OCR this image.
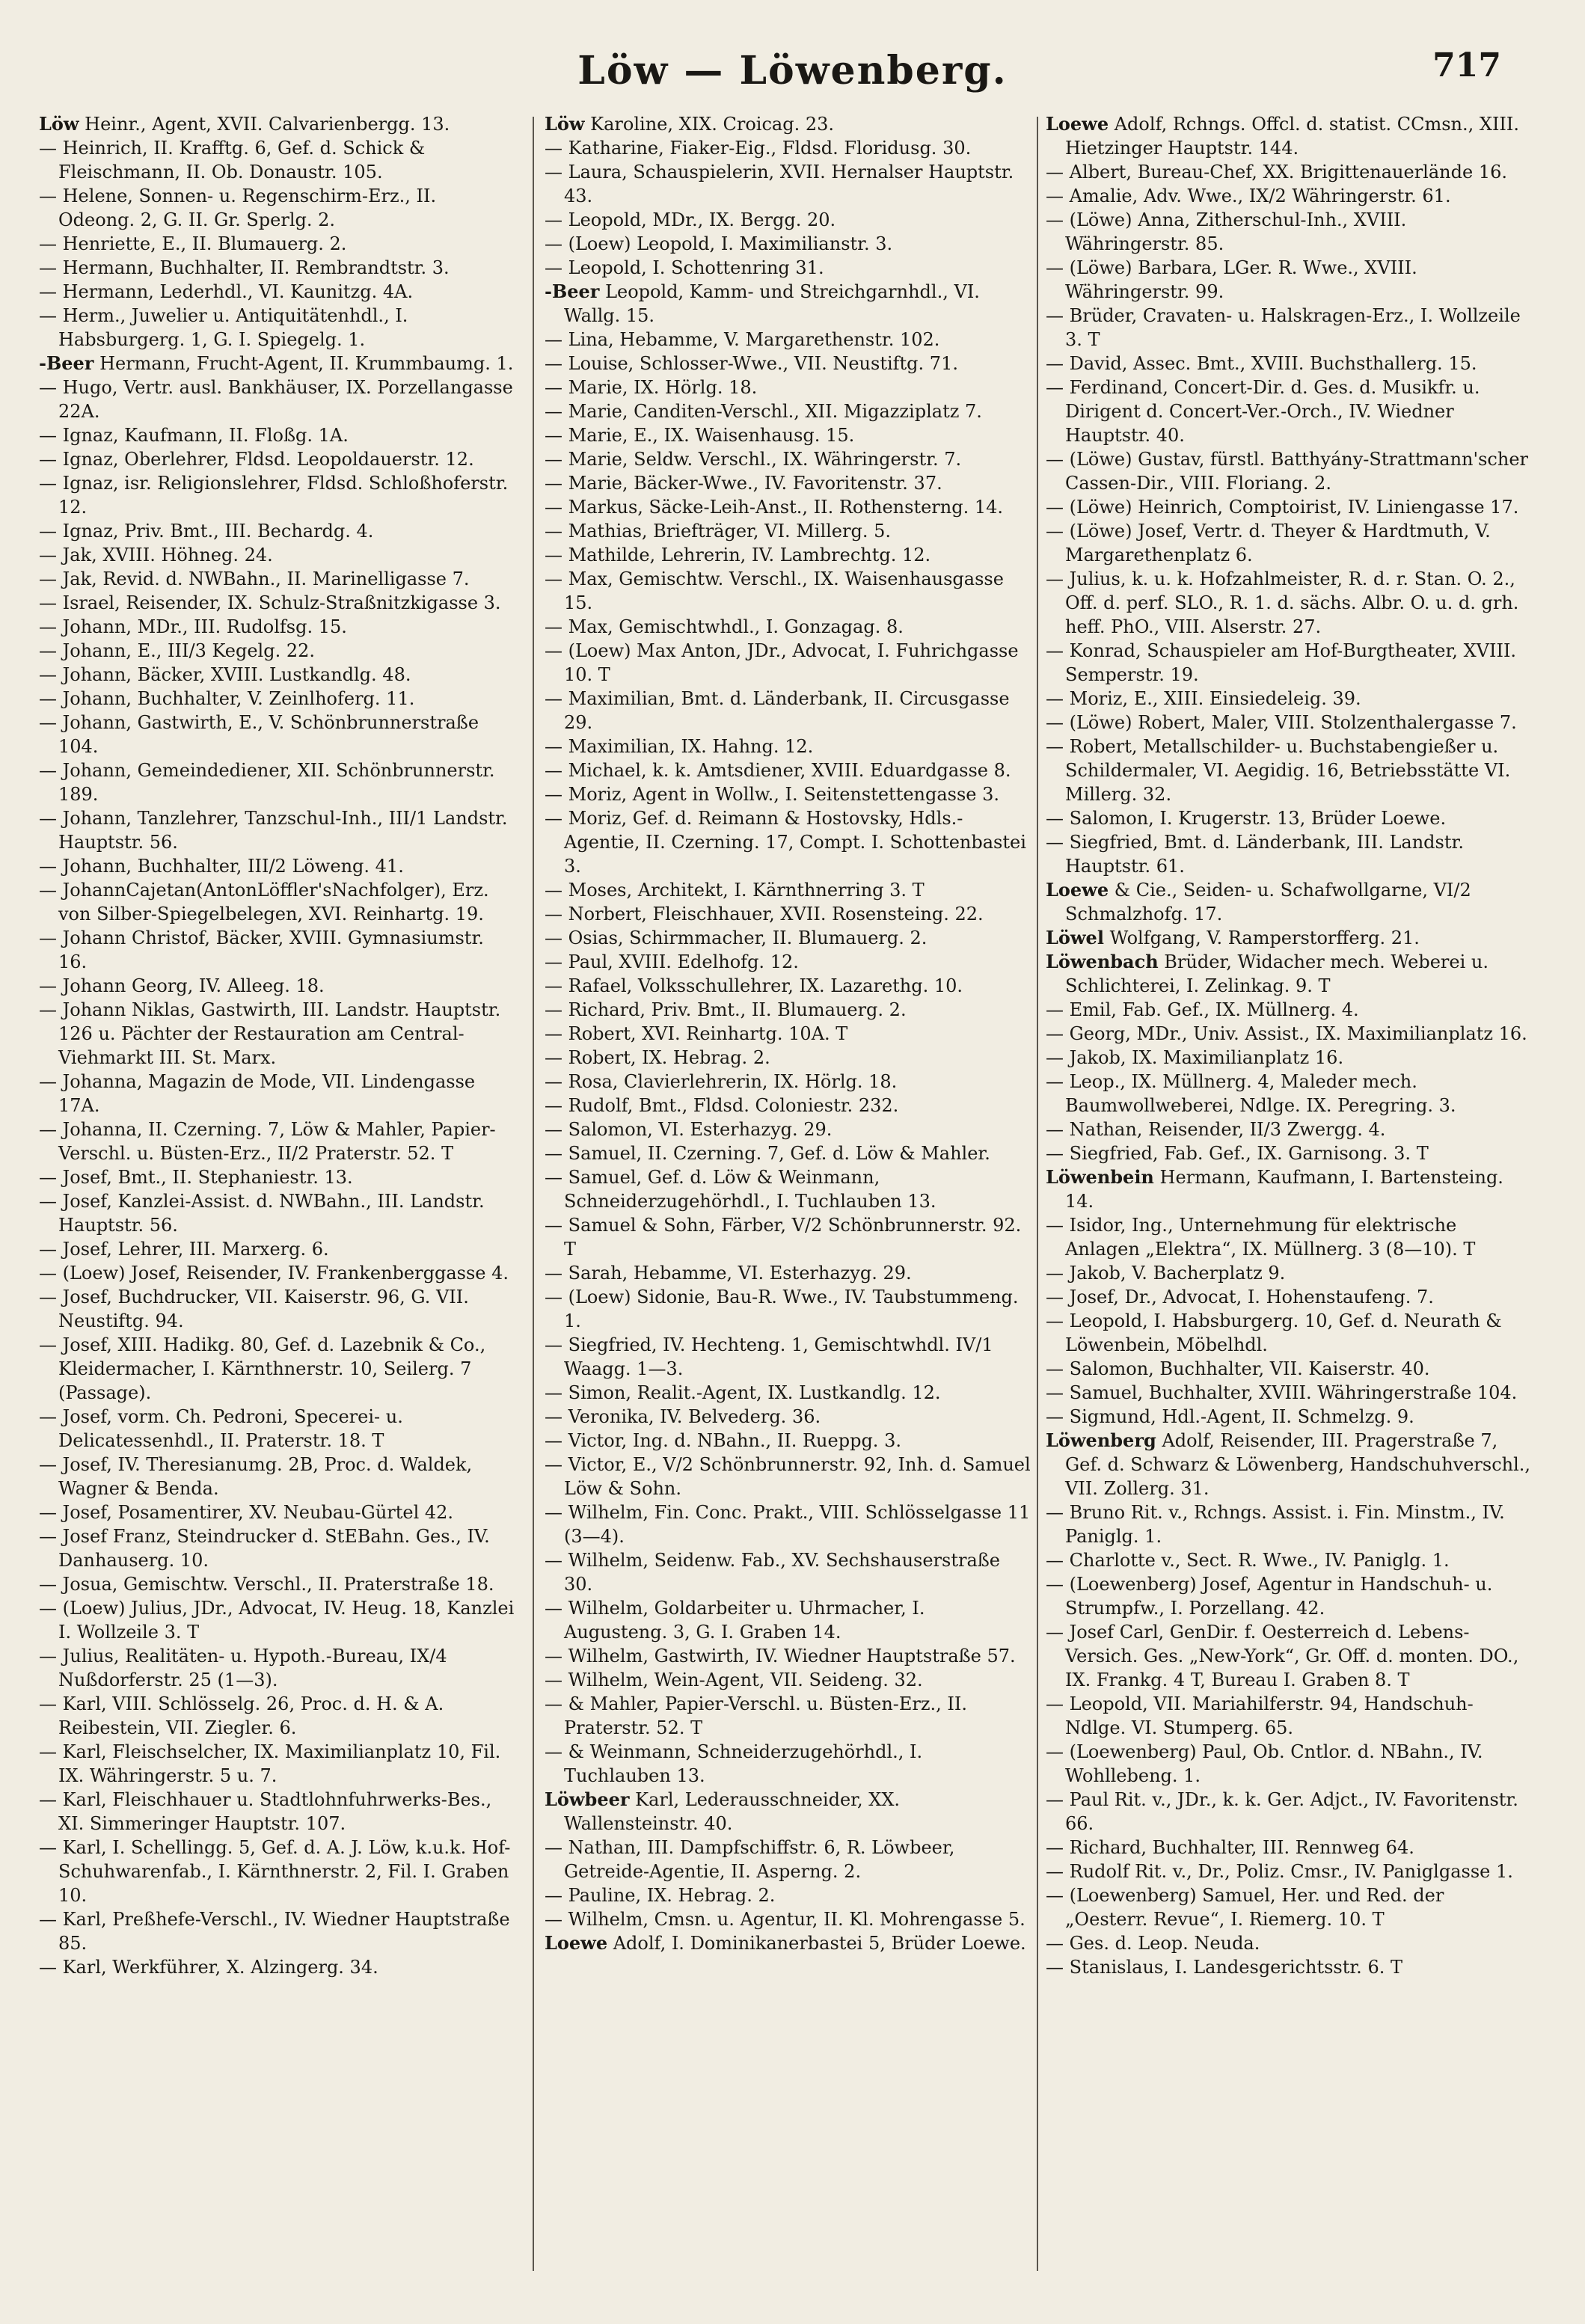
Löw — Löwenberg.	717

Löw Heinr., Agent, XVII. Calvarienbergg. 13.

— Heinrich, II. Krafftg. 6, Gef. d. Schick & Fleischmann, II. Ob. Donaustr. 105.

— Helene, Sonnen- u. Regenschirm-Erz., II. Odeong. 2, G. II. Gr. Sperlg. 2.

— Henriette, E., II. Blumauerg. 2.

— Hermann, Buchhalter, II. Rembrandtstr. 3.

— Hermann, Lederhdl., VI. Kaunitzg. 4A.

— Herm., Juwelier u. Antiquitätenhdl., I. Habsburgerg. 1, G. I. Spiegelg. 1.

-Beer Hermann, Frucht-Agent, II. Krummbaumg. 1.

— Hugo, Vertr. ausl. Bankhäuser, IX. Porzellangasse 22A.

— Ignaz, Kaufmann, II. Floßg. 1A.

— Ignaz, Oberlehrer, Fldsd. Leopoldauerstr. 12.

— Ignaz, isr. Religionslehrer, Fldsd. Schloßhoferstr. 12.

— Ignaz, Priv. Bmt., III. Bechardg. 4.

— Jak, XVIII. Höhneg. 24.

— Jak, Revid. d. NWBahn., II. Marinelligasse 7.

— Israel, Reisender, IX. Schulz-Straßnitzkigasse 3.

— Johann, MDr., III. Rudolfsg. 15.

— Johann, E., III/3 Kegelg. 22.

— Johann, Bäcker, XVIII. Lustkandlg. 48.

— Johann, Buchhalter, V. Zeinlhoferg. 11.

— Johann, Gastwirth, E., V. Schönbrunnerstraße 104.

— Johann, Gemeindediener, XII. Schönbrunnerstr. 189.

— Johann, Tanzlehrer, Tanzschul-Inh., III/1 Landstr. Hauptstr. 56.

— Johann, Buchhalter, III/2 Löweng. 41.

— JohannCajetan(AntonLöffler'sNachfolger), Erz. von Silber-Spiegelbelegen, XVI. Reinhartg. 19.

— Johann Christof, Bäcker, XVIII. Gymnasiumstr. 16.

— Johann Georg, IV. Alleeg. 18.

— Johann Niklas, Gastwirth, III. Landstr. Hauptstr. 126 u. Pächter der Restauration am Central-Viehmarkt III. St. Marx.

— Johanna, Magazin de Mode, VII. Lindengasse 17A.

— Johanna, II. Czerning. 7, Löw & Mahler, Papier-Verschl. u. Büsten-Erz., II/2 Praterstr. 52. T

— Josef, Bmt., II. Stephaniestr. 13.

— Josef, Kanzlei-Assist. d. NWBahn., III. Landstr. Hauptstr. 56.

— Josef, Lehrer, III. Marxerg. 6.

— (Loew) Josef, Reisender, IV. Frankenberggasse 4.

— Josef, Buchdrucker, VII. Kaiserstr. 96, G. VII. Neustiftg. 94.

— Josef, XIII. Hadikg. 80, Gef. d. Lazebnik & Co., Kleidermacher, I. Kärnthnerstr. 10, Seilerg. 7 (Passage).

— Josef, vorm. Ch. Pedroni, Specerei- u. Delicatessenhdl., II. Praterstr. 18. T

— Josef, IV. Theresianumg. 2B, Proc. d. Waldek, Wagner & Benda.

— Josef, Posamentirer, XV. Neubau-Gürtel 42.

— Josef Franz, Steindrucker d. StEBahn. Ges., IV. Danhauserg. 10.

— Josua, Gemischtw. Verschl., II. Praterstraße 18.

— (Loew) Julius, JDr., Advocat, IV. Heug. 18, Kanzlei I. Wollzeile 3. T

— Julius, Realitäten- u. Hypoth.-Bureau, IX/4 Nußdorferstr. 25 (1—3).

— Karl, VIII. Schlösselg. 26, Proc. d. H. & A. Reibestein, VII. Ziegler. 6.

— Karl, Fleischselcher, IX. Maximilianplatz 10, Fil. IX. Währingerstr. 5 u. 7.

— Karl, Fleischhauer u. Stadtlohnfuhrwerks-Bes., XI. Simmeringer Hauptstr. 107.

— Karl, I. Schellingg. 5, Gef. d. A. J. Löw, k.u.k. Hof-Schuhwarenfab., I. Kärnthnerstr. 2, Fil. I. Graben 10.

— Karl, Preßhefe-Verschl., IV. Wiedner Hauptstraße 85.

— Karl, Werkführer, X. Alzingerg. 34.

Löw Karoline, XIX. Croicag. 23.

— Katharine, Fiaker-Eig., Fldsd. Floridusg. 30.

— Laura, Schauspielerin, XVII. Hernalser Hauptstr. 43.

— Leopold, MDr., IX. Bergg. 20.

— (Loew) Leopold, I. Maximilianstr. 3.

— Leopold, I. Schottenring 31.

-Beer Leopold, Kamm- und Streichgarnhdl., VI. Wallg. 15.

— Lina, Hebamme, V. Margarethenstr. 102.

— Louise, Schlosser-Wwe., VII. Neustiftg. 71.

— Marie, IX. Hörlg. 18.

— Marie, Canditen-Verschl., XII. Migazziplatz 7.

— Marie, E., IX. Waisenhausg. 15.

— Marie, Seldw. Verschl., IX. Währingerstr. 7.

— Marie, Bäcker-Wwe., IV. Favoritenstr. 37.

— Markus, Säcke-Leih-Anst., II. Rothensterng. 14.

— Mathias, Briefträger, VI. Millerg. 5.

— Mathilde, Lehrerin, IV. Lambrechtg. 12.

— Max, Gemischtw. Verschl., IX. Waisenhausgasse 15.

— Max, Gemischtwhdl., I. Gonzagag. 8.

— (Loew) Max Anton, JDr., Advocat, I. Fuhrichgasse 10. T

— Maximilian, Bmt. d. Länderbank, II. Circusgasse 29.

— Maximilian, IX. Hahng. 12.

— Michael, k. k. Amtsdiener, XVIII. Eduardgasse 8.

— Moriz, Agent in Wollw., I. Seitenstettengasse 3.

— Moriz, Gef. d. Reimann & Hostovsky, Hdls.-Agentie, II. Czerning. 17, Compt. I. Schottenbastei 3.

— Moses, Architekt, I. Kärnthnerring 3. T

— Norbert, Fleischhauer, XVII. Rosensteing. 22.

— Osias, Schirmmacher, II. Blumauerg. 2.

— Paul, XVIII. Edelhofg. 12.

— Rafael, Volksschullehrer, IX. Lazarethg. 10.

— Richard, Priv. Bmt., II. Blumauerg. 2.

— Robert, XVI. Reinhartg. 10A. T

— Robert, IX. Hebrag. 2.

— Rosa, Clavierlehrerin, IX. Hörlg. 18.

— Rudolf, Bmt., Fldsd. Coloniestr. 232.

— Salomon, VI. Esterhazyg. 29.

— Samuel, II. Czerning. 7, Gef. d. Löw & Mahler.

— Samuel, Gef. d. Löw & Weinmann, Schneiderzugehörhdl., I. Tuchlauben 13.

— Samuel & Sohn, Färber, V/2 Schönbrunnerstr. 92. T

— Sarah, Hebamme, VI. Esterhazyg. 29.

— (Loew) Sidonie, Bau-R. Wwe., IV. Taubstummeng. 1.

— Siegfried, IV. Hechteng. 1, Gemischtwhdl. IV/1 Waagg. 1—3.

— Simon, Realit.-Agent, IX. Lustkandlg. 12.

— Veronika, IV. Belvederg. 36.

— Victor, Ing. d. NBahn., II. Rueppg. 3.

— Victor, E., V/2 Schönbrunnerstr. 92, Inh. d. Samuel Löw & Sohn.

— Wilhelm, Fin. Conc. Prakt., VIII. Schlösselgasse 11 (3—4).

— Wilhelm, Seidenw. Fab., XV. Sechshauserstraße 30.

— Wilhelm, Goldarbeiter u. Uhrmacher, I. Augusteng. 3, G. I. Graben 14.

— Wilhelm, Gastwirth, IV. Wiedner Hauptstraße 57.

— Wilhelm, Wein-Agent, VII. Seideng. 32.

— & Mahler, Papier-Verschl. u. Büsten-Erz., II. Praterstr. 52. T

— & Weinmann, Schneiderzugehörhdl., I. Tuchlauben 13.

Löwbeer Karl, Lederausschneider, XX. Wallensteinstr. 40.

— Nathan, III. Dampfschiffstr. 6, R. Löwbeer, Getreide-Agentie, II. Asperng. 2.

— Pauline, IX. Hebrag. 2.

— Wilhelm, Cmsn. u. Agentur, II. Kl. Mohrengasse 5.

Loewe Adolf, I. Dominikanerbastei 5, Brüder Loewe.

Loewe Adolf, Rchngs. Offcl. d. statist. CCmsn., XIII. Hietzinger Hauptstr. 144.

— Albert, Bureau-Chef, XX. Brigittenauerlände 16.

— Amalie, Adv. Wwe., IX/2 Währingerstr. 61.

— (Löwe) Anna, Zitherschul-Inh., XVIII. Währingerstr. 85.

— (Löwe) Barbara, LGer. R. Wwe., XVIII. Währingerstr. 99.

— Brüder, Cravaten- u. Halskragen-Erz., I. Wollzeile 3. T

— David, Assec. Bmt., XVIII. Buchsthallerg. 15.

— Ferdinand, Concert-Dir. d. Ges. d. Musikfr. u. Dirigent d. Concert-Ver.-Orch., IV. Wiedner Hauptstr. 40.

— (Löwe) Gustav, fürstl. Batthyány-Strattmann'scher Cassen-Dir., VIII. Floriang. 2.

— (Löwe) Heinrich, Comptoirist, IV. Liniengasse 17.

— (Löwe) Josef, Vertr. d. Theyer & Hardtmuth, V. Margarethenplatz 6.

— Julius, k. u. k. Hofzahlmeister, R. d. r. Stan. O. 2., Off. d. perf. SLO., R. 1. d. sächs. Albr. O. u. d. grh. heff. PhO., VIII. Alserstr. 27.

— Konrad, Schauspieler am Hof-Burgtheater, XVIII. Semperstr. 19.

— Moriz, E., XIII. Einsiedeleig. 39.

— (Löwe) Robert, Maler, VIII. Stolzenthalergasse 7.

— Robert, Metallschilder- u. Buchstabengießer u. Schildermaler, VI. Aegidig. 16, Betriebsstätte VI. Millerg. 32.

— Salomon, I. Krugerstr. 13, Brüder Loewe.

— Siegfried, Bmt. d. Länderbank, III. Landstr. Hauptstr. 61.

Loewe & Cie., Seiden- u. Schafwollgarne, VI/2 Schmalzhofg. 17.

Löwel Wolfgang, V. Ramperstorfferg. 21.

Löwenbach Brüder, Widacher mech. Weberei u. Schlichterei, I. Zelinkag. 9. T

— Emil, Fab. Gef., IX. Müllnerg. 4.

— Georg, MDr., Univ. Assist., IX. Maximilianplatz 16.

— Jakob, IX. Maximilianplatz 16.

— Leop., IX. Müllnerg. 4, Maleder mech. Baumwollweberei, Ndlge. IX. Peregring. 3.

— Nathan, Reisender, II/3 Zwergg. 4.

— Siegfried, Fab. Gef., IX. Garnisong. 3. T

Löwenbein Hermann, Kaufmann, I. Bartensteing. 14.

— Isidor, Ing., Unternehmung für elektrische Anlagen „Elektra“, IX. Müllnerg. 3 (8—10). T

— Jakob, V. Bacherplatz 9.

— Josef, Dr., Advocat, I. Hohenstaufeng. 7.

— Leopold, I. Habsburgerg. 10, Gef. d. Neurath & Löwenbein, Möbelhdl.

— Salomon, Buchhalter, VII. Kaiserstr. 40.

— Samuel, Buchhalter, XVIII. Währingerstraße 104.

— Sigmund, Hdl.-Agent, II. Schmelzg. 9.

Löwenberg Adolf, Reisender, III. Pragerstraße 7, Gef. d. Schwarz & Löwenberg, Handschuhverschl., VII. Zollerg. 31.

— Bruno Rit. v., Rchngs. Assist. i. Fin. Minstm., IV. Paniglg. 1.

— Charlotte v., Sect. R. Wwe., IV. Paniglg. 1.

— (Loewenberg) Josef, Agentur in Handschuh- u. Strumpfw., I. Porzellang. 42.

— Josef Carl, GenDir. f. Oesterreich d. Lebens-Versich. Ges. „New-York“, Gr. Off. d. monten. DO., IX. Frankg. 4 T, Bureau I. Graben 8. T

— Leopold, VII. Mariahilferstr. 94, Handschuh-Ndlge. VI. Stumperg. 65.

— (Loewenberg) Paul, Ob. Cntlor. d. NBahn., IV. Wohllebeng. 1.

— Paul Rit. v., JDr., k. k. Ger. Adjct., IV. Favoritenstr. 66.

— Richard, Buchhalter, III. Rennweg 64.

— Rudolf Rit. v., Dr., Poliz. Cmsr., IV. Paniglgasse 1.

— (Loewenberg) Samuel, Her. und Red. der „Oesterr. Revue“, I. Riemerg. 10. T

— Ges. d. Leop. Neuda.

— Stanislaus, I. Landesgerichtsstr. 6. T
